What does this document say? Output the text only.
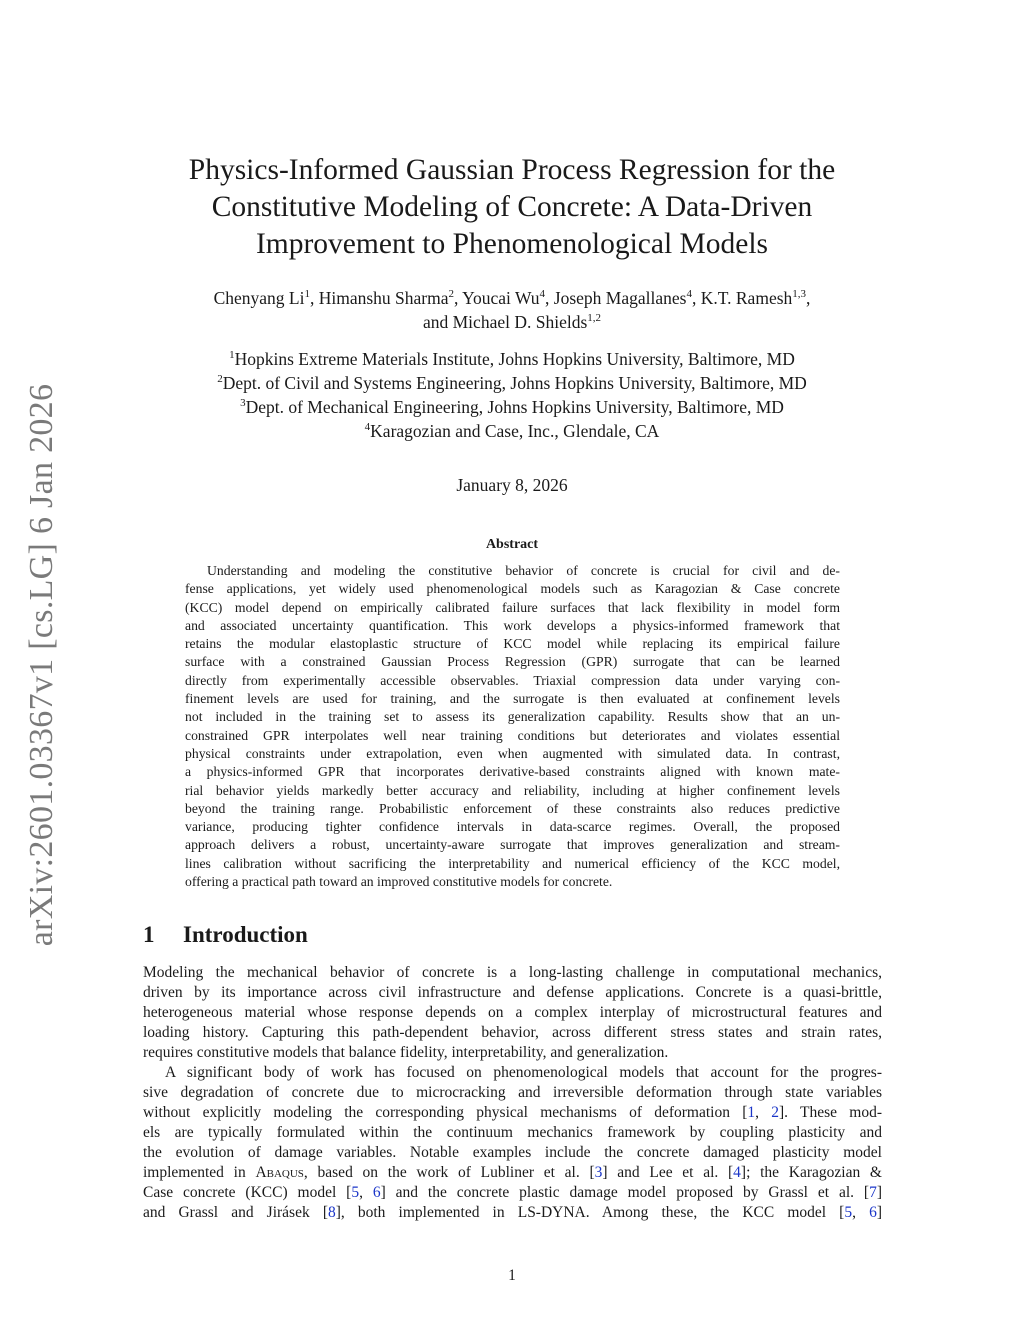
arXiv:2601.03367v1 [cs.LG] 6 Jan 2026
Physics-Informed Gaussian Process Regression for the
Constitutive Modeling of Concrete: A Data-Driven
Improvement to Phenomenological Models
Chenyang Li$^1$, Himanshu Sharma$^2$, Youcai Wu$^4$, Joseph Magallanes$^4$, K.T. Ramesh$^{1,3}$,
and Michael D. Shields$^{1,2}$
$^1$Hopkins Extreme Materials Institute, Johns Hopkins University, Baltimore, MD
$^2$Dept. of Civil and Systems Engineering, Johns Hopkins University, Baltimore, MD
$^3$Dept. of Mechanical Engineering, Johns Hopkins University, Baltimore, MD
$^4$Karagozian and Case, Inc., Glendale, CA
January 8, 2026
Abstract
Understanding and modeling the constitutive behavior of concrete is crucial for civil and de-
fense applications, yet widely used phenomenological models such as Karagozian & Case concrete
(KCC) model depend on empirically calibrated failure surfaces that lack flexibility in model form
and associated uncertainty quantification. This work develops a physics-informed framework that
retains the modular elastoplastic structure of KCC model while replacing its empirical failure
surface with a constrained Gaussian Process Regression (GPR) surrogate that can be learned
directly from experimentally accessible observables. Triaxial compression data under varying con-
finement levels are used for training, and the surrogate is then evaluated at confinement levels
not included in the training set to assess its generalization capability. Results show that an un-
constrained GPR interpolates well near training conditions but deteriorates and violates essential
physical constraints under extrapolation, even when augmented with simulated data. In contrast,
a physics-informed GPR that incorporates derivative-based constraints aligned with known mate-
rial behavior yields markedly better accuracy and reliability, including at higher confinement levels
beyond the training range. Probabilistic enforcement of these constraints also reduces predictive
variance, producing tighter confidence intervals in data-scarce regimes. Overall, the proposed
approach delivers a robust, uncertainty-aware surrogate that improves generalization and stream-
lines calibration without sacrificing the interpretability and numerical efficiency of the KCC model,
offering a practical path toward an improved constitutive models for concrete.
1 Introduction
Modeling the mechanical behavior of concrete is a long-lasting challenge in computational mechanics,
driven by its importance across civil infrastructure and defense applications. Concrete is a quasi-brittle,
heterogeneous material whose response depends on a complex interplay of microstructural features and
loading history. Capturing this path-dependent behavior, across different stress states and strain rates,
requires constitutive models that balance fidelity, interpretability, and generalization.
A significant body of work has focused on phenomenological models that account for the progres-
sive degradation of concrete due to microcracking and irreversible deformation through state variables
without explicitly modeling the corresponding physical mechanisms of deformation [1, 2]. These mod-
els are typically formulated within the continuum mechanics framework by coupling plasticity and
the evolution of damage variables. Notable examples include the concrete damaged plasticity model
implemented in Abaqus, based on the work of Lubliner et al. [3] and Lee et al. [4]; the Karagozian &
Case concrete (KCC) model [5, 6] and the concrete plastic damage model proposed by Grassl et al. [7]
and Grassl and Jirásek [8], both implemented in LS-DYNA. Among these, the KCC model [5, 6]
1
